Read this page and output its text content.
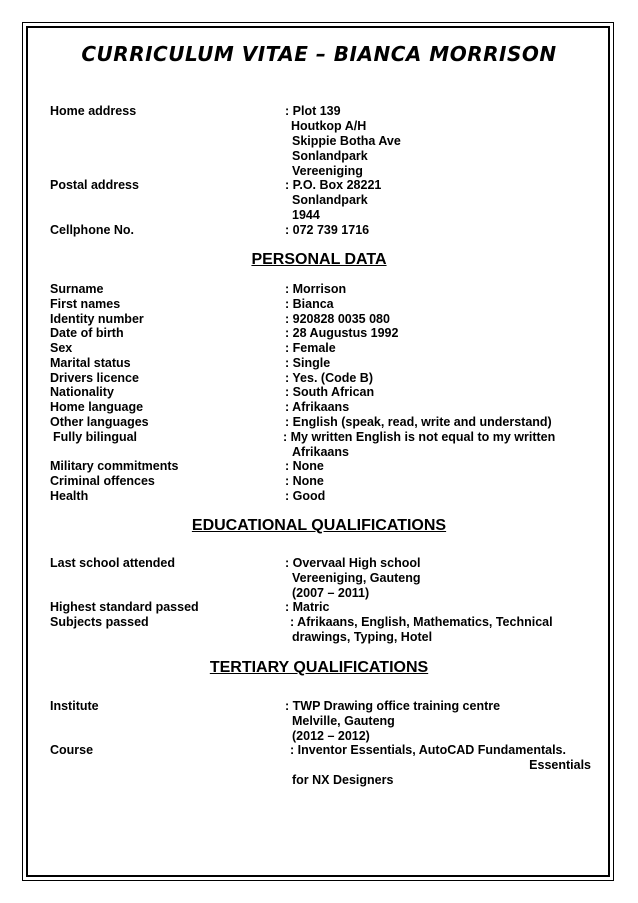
CURRICULUM VITAE – BIANCA MORRISON
Home address	: Plot 139
Houtkop A/H
Skippie Botha Ave
Sonlandpark
Vereeniging
Postal address	: P.O. Box 28221
Sonlandpark
1944
Cellphone No.	: 072 739 1716
PERSONAL DATA
Surname	: Morrison
First names	: Bianca
Identity number	: 920828 0035 080
Date of birth	: 28 Augustus 1992
Sex	: Female
Marital status	: Single
Drivers licence	: Yes. (Code B)
Nationality	: South African
Home language	: Afrikaans
Other languages	: English (speak, read, write and understand)
Fully bilingual	: My written English is not equal to my written
Afrikaans
Military commitments	: None
Criminal offences	: None
Health	: Good
EDUCATIONAL QUALIFICATIONS
Last school attended	: Overvaal High school
Vereeniging, Gauteng
(2007 – 2011)
Highest standard passed	: Matric
Subjects passed	: Afrikaans, English, Mathematics, Technical
drawings, Typing, Hotel
TERTIARY QUALIFICATIONS
Institute	: TWP Drawing office training centre
Melville, Gauteng
(2012 – 2012)
Course	: Inventor Essentials, AutoCAD Fundamentals.
Essentials
for NX Designers
